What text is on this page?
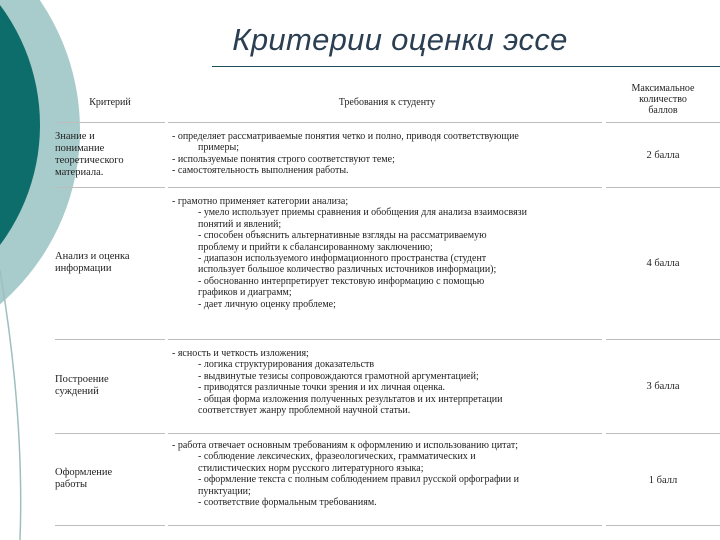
Критерии оценки эссе
Критерий	Требования к студенту
Максимальное
количество
баллов
Знание и
понимание
теоретического
материала.
- определяет рассматриваемые понятия четко и полно, приводя соответствующие
примеры;
- используемые понятия строго соответствуют теме;
- самостоятельность выполнения работы.
2 балла
Анализ и оценка
информации
- грамотно применяет категории анализа;
- умело использует приемы сравнения и обобщения для анализа взаимосвязи
понятий и явлений;
- способен объяснить альтернативные взгляды на рассматриваемую
проблему и прийти к сбалансированному заключению;
- диапазон используемого информационного пространства (студент
использует большое количество различных источников информации);
- обоснованно интерпретирует текстовую информацию с помощью
графиков и диаграмм;
- дает личную оценку проблеме;
4 балла
Построение
суждений
- ясность и четкость изложения;
- логика структурирования доказательств
- выдвинутые тезисы сопровождаются грамотной аргументацией;
- приводятся различные точки зрения и их личная оценка.
- общая форма изложения полученных результатов и их интерпретации
соответствует жанру проблемной научной статьи.
3 балла
Оформление
работы
- работа отвечает основным требованиям к оформлению и использованию цитат;
- соблюдение лексических, фразеологических, грамматических и
стилистических норм русского литературного языка;
- оформление текста с полным соблюдением правил русской орфографии и
пунктуации;
- соответствие формальным требованиям.
1 балл
